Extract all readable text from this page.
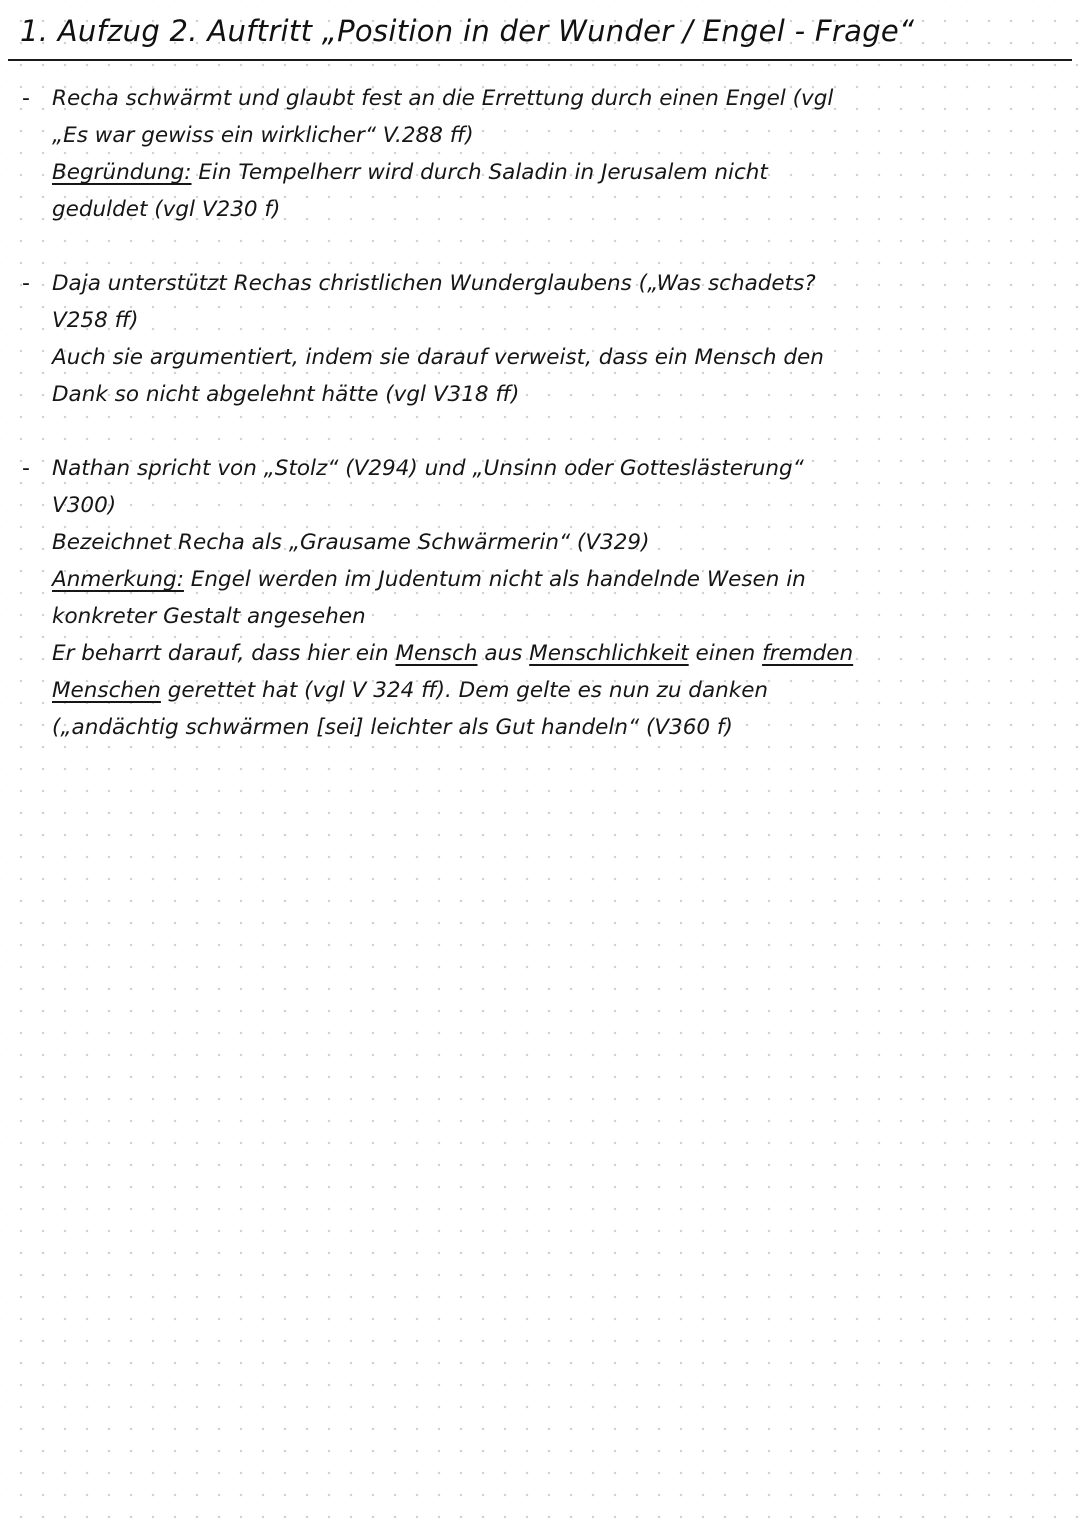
1. Aufzug 2. Auftritt „Position in der Wunder / Engel - Frage“
- Recha schwärmt und glaubt fest an die Errettung durch einen Engel (vgl
„Es war gewiss ein wirklicher“ V.288 ff)
Begründung: Ein Tempelherr wird durch Saladin in Jerusalem nicht
geduldet (vgl V230 f)
- Daja unterstützt Rechas christlichen Wunderglaubens („Was schadets?
V258 ff)
Auch sie argumentiert, indem sie darauf verweist, dass ein Mensch den
Dank so nicht abgelehnt hätte (vgl V318 ff)
- Nathan spricht von „Stolz“ (V294) und „Unsinn oder Gotteslästerung“
V300)
Bezeichnet Recha als „Grausame Schwärmerin“ (V329)
Anmerkung: Engel werden im Judentum nicht als handelnde Wesen in
konkreter Gestalt angesehen
Er beharrt darauf, dass hier ein Mensch aus Menschlichkeit einen fremden
Menschen gerettet hat (vgl V 324 ff). Dem gelte es nun zu danken
(„andächtig schwärmen [sei] leichter als Gut handeln“ (V360 f)
